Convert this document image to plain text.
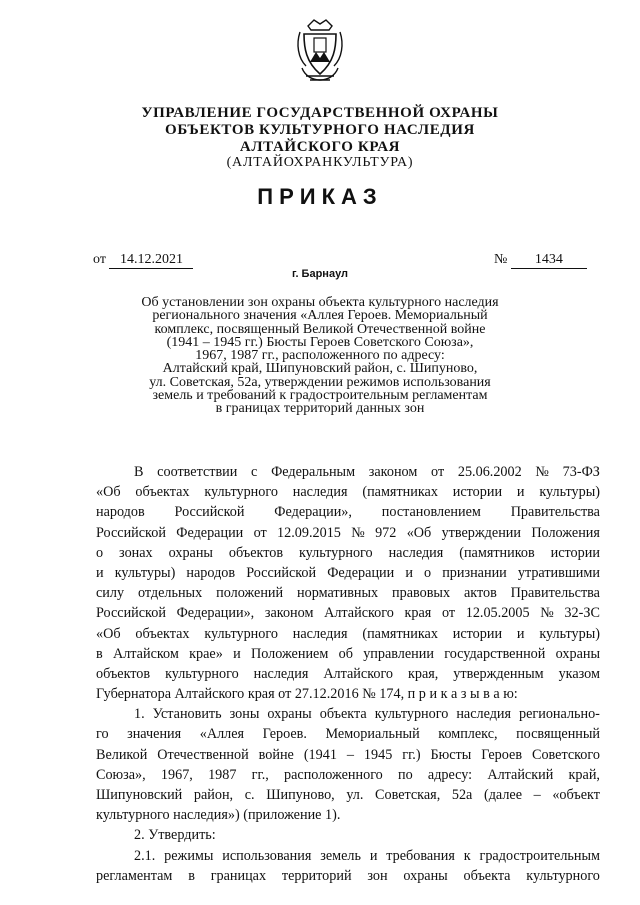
УПРАВЛЕНИЕ ГОСУДАРСТВЕННОЙ ОХРАНЫ
ОБЪЕКТОВ КУЛЬТУРНОГО НАСЛЕДИЯ
АЛТАЙСКОГО КРАЯ
(АЛТАЙОХРАНКУЛЬТУРА)
ПРИКАЗ
от 14.12.2021	№ 1434
г. Барнаул
Об установлении зон охраны объекта культурного наследия
регионального значения «Аллея Героев. Мемориальный
комплекс, посвященный Великой Отечественной войне
(1941 – 1945 гг.) Бюсты Героев Советского Союза»,
1967, 1987 гг., расположенного по адресу:
Алтайский край, Шипуновский район, с. Шипуново,
ул. Советская, 52а, утверждении режимов использования
земель и требований к градостроительным регламентам
в границах территорий данных зон
В соответствии с Федеральным законом от 25.06.2002 № 73-ФЗ
«Об объектах культурного наследия (памятниках истории и культуры)
народов Российской Федерации», постановлением Правительства
Российской Федерации от 12.09.2015 № 972 «Об утверждении Положения
о зонах охраны объектов культурного наследия (памятников истории
и культуры) народов Российской Федерации и о признании утратившими
силу отдельных положений нормативных правовых актов Правительства
Российской Федерации», законом Алтайского края от 12.05.2005 № 32-ЗС
«Об объектах культурного наследия (памятниках истории и культуры)
в Алтайском крае» и Положением об управлении государственной охраны
объектов культурного наследия Алтайского края, утвержденным указом
Губернатора Алтайского края от 27.12.2016 № 174, п р и к а з ы в а ю:
1. Установить зоны охраны объекта культурного наследия регионально-
го значения «Аллея Героев. Мемориальный комплекс, посвященный
Великой Отечественной войне (1941 – 1945 гг.) Бюсты Героев Советского
Союза», 1967, 1987 гг., расположенного по адресу: Алтайский край,
Шипуновский район, с. Шипуново, ул. Советская, 52а (далее – «объект
культурного наследия») (приложение 1).
2. Утвердить:
2.1. режимы использования земель и требования к градостроительным
регламентам в границах территорий зон охраны объекта культурного
